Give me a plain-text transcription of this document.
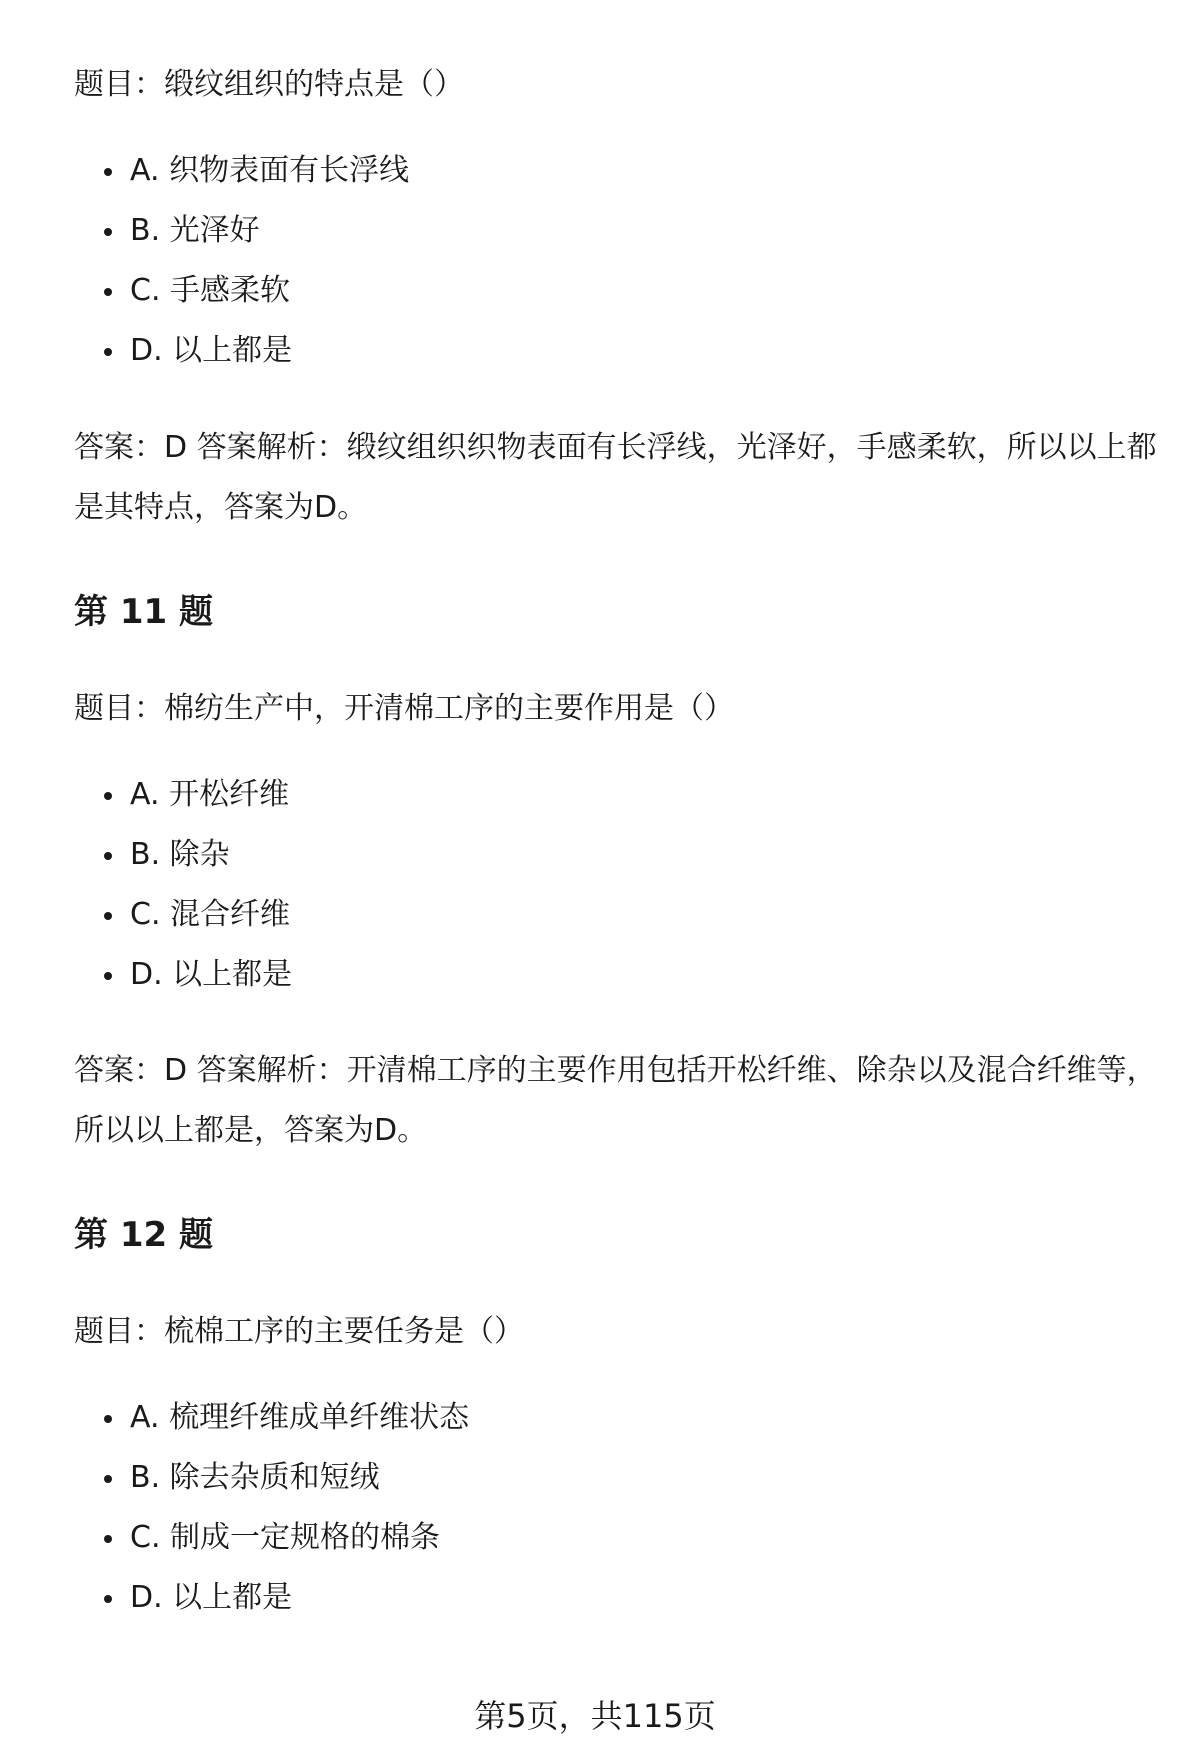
题目：缎纹组织的特点是（）

A. 织物表面有长浮线
B. 光泽好
C. 手感柔软
D. 以上都是

答案：D 答案解析：缎纹组织织物表面有长浮线，光泽好，手感柔软，所以以上都是其特点，答案为D。

第 11 题

题目：棉纺生产中，开清棉工序的主要作用是（）

A. 开松纤维
B. 除杂
C. 混合纤维
D. 以上都是

答案：D 答案解析：开清棉工序的主要作用包括开松纤维、除杂以及混合纤维等，所以以上都是，答案为D。

第 12 题

题目：梳棉工序的主要任务是（）

A. 梳理纤维成单纤维状态
B. 除去杂质和短绒
C. 制成一定规格的棉条
D. 以上都是
第5页，共115页
